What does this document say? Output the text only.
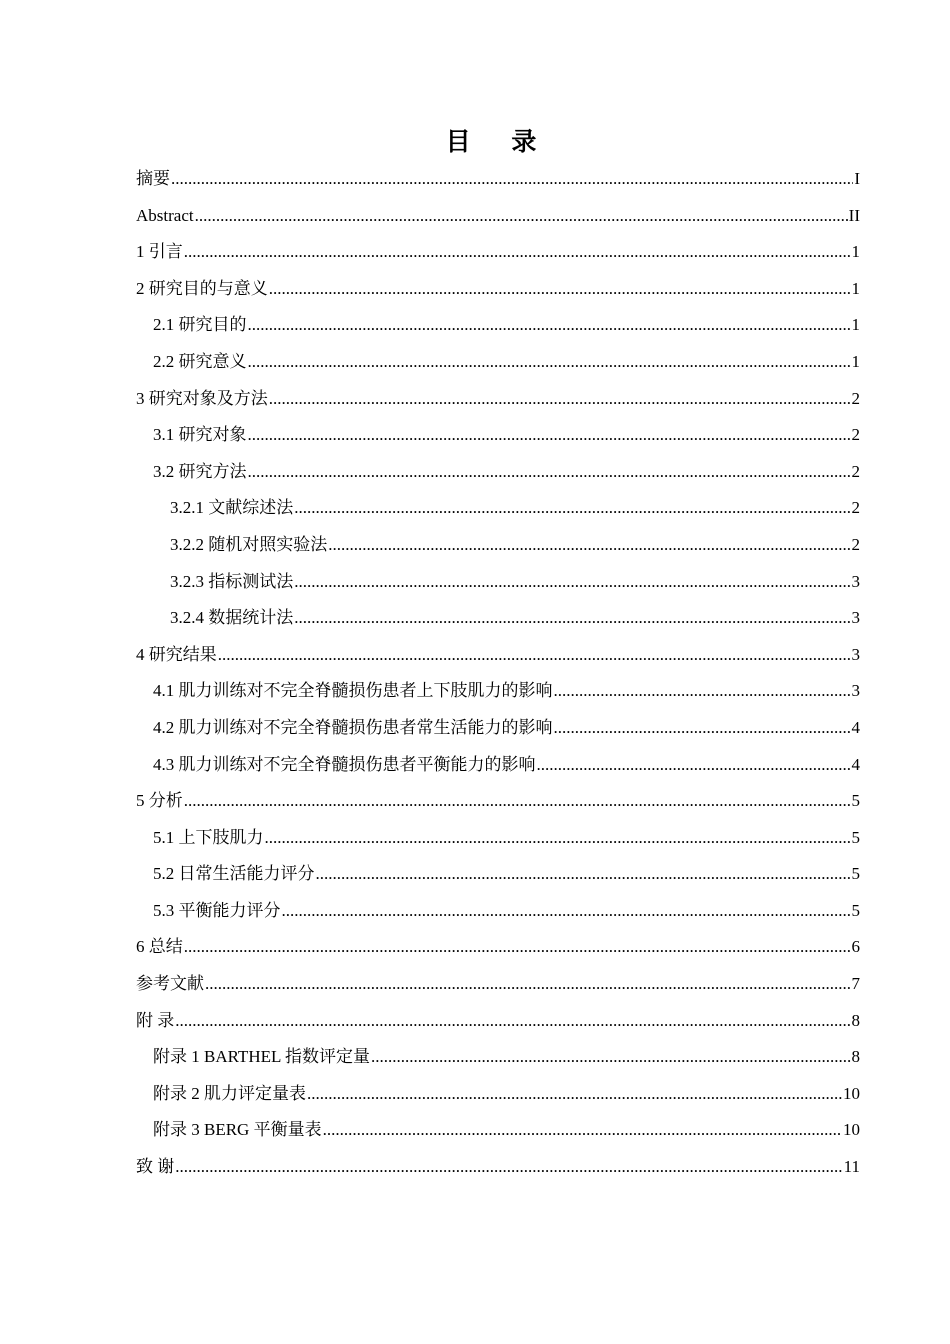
目 录
摘要 .....	I
Abstract .....	II
1 引言 .....	1
2 研究目的与意义 .....	1
2.1 研究目的 .....	1
2.2 研究意义 .....	1
3 研究对象及方法 .....	2
3.1 研究对象 .....	2
3.2 研究方法 .....	2
3.2.1 文献综述法 .....	2
3.2.2 随机对照实验法 .....	2
3.2.3 指标测试法 .....	3
3.2.4 数据统计法 .....	3
4 研究结果 .....	3
4.1 肌力训练对不完全脊髓损伤患者上下肢肌力的影响 .....	3
4.2 肌力训练对不完全脊髓损伤患者常生活能力的影响 .....	4
4.3 肌力训练对不完全脊髓损伤患者平衡能力的影响 .....	4
5 分析 .....	5
5.1 上下肢肌力 .....	5
5.2 日常生活能力评分 .....	5
5.3 平衡能力评分 .....	5
6 总结 .....	6
参考文献 .....	7
附 录 .....	8
附录 1 BARTHEL 指数评定量 .....	8
附录 2 肌力评定量表 .....	10
附录 3 BERG 平衡量表 .....	10
致 谢 .....	11
